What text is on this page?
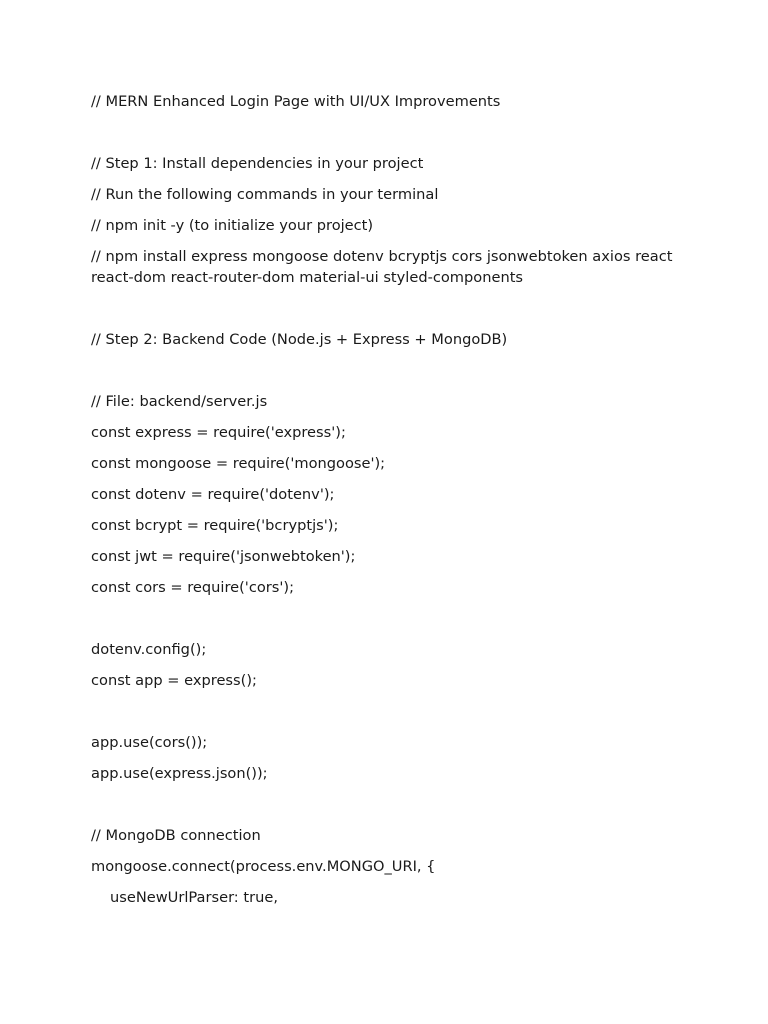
// MERN Enhanced Login Page with UI/UX Improvements
// Step 1: Install dependencies in your project
// Run the following commands in your terminal
// npm init -y (to initialize your project)
// npm install express mongoose dotenv bcryptjs cors jsonwebtoken axios react react-dom react-router-dom material-ui styled-components
// Step 2: Backend Code (Node.js + Express + MongoDB)
// File: backend/server.js
const express = require('express');
const mongoose = require('mongoose');
const dotenv = require('dotenv');
const bcrypt = require('bcryptjs');
const jwt = require('jsonwebtoken');
const cors = require('cors');
dotenv.config();
const app = express();
app.use(cors());
app.use(express.json());
// MongoDB connection
mongoose.connect(process.env.MONGO_URI, {
useNewUrlParser: true,
